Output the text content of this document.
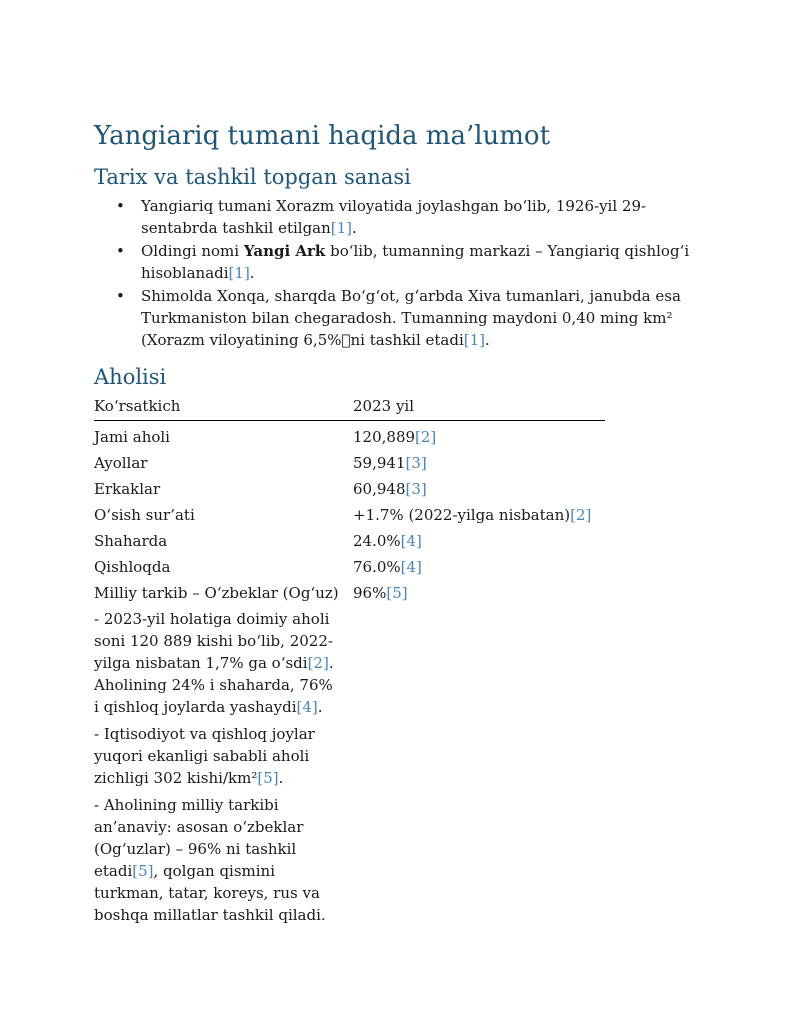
Yangiariq tumani haqida ma’lumot
Tarix va tashkil topgan sanasi
• Yangiariq tumani Xorazm viloyatida joylashgan boʻlib, 1926-yil 29-sentabrda tashkil etilgan[1].
• Oldingi nomi Yangi Ark boʻlib, tumanning markazi – Yangiariq qishlogʻi hisoblanadi[1].
• Shimolda Xonqa, sharqda Boʻgʻot, gʻarbda Xiva tumanlari, janubda esa Turkmaniston bilan chegaradosh. Tumanning maydoni 0,40 ming km² (Xorazm viloyatining 6,5% ni tashkil etadi[1].
Aholisi
Koʻrsatkich	2023 yil
Jami aholi	120,889[2]
Ayollar	59,941[3]
Erkaklar	60,948[3]
Oʻsish sur’ati	+1.7% (2022-yilga nisbatan)[2]
Shaharda	24.0%[4]
Qishloqda	76.0%[4]
Milliy tarkib – Oʻzbeklar (Ogʻuz)	96%[5]

- 2023-yil holatiga doimiy aholi soni 120 889 kishi boʻlib, 2022-yilga nisbatan 1,7% ga oʻsdi[2]. Aholining 24% i shaharda, 76% i qishloq joylarda yashaydi[4].

- Iqtisodiyot va qishloq joylar yuqori ekanligi sababli aholi zichligi 302 kishi/km²[5].

- Aholining milliy tarkibi an’anaviy: asosan oʻzbeklar (Ogʻuzlar) – 96% ni tashkil etadi[5], qolgan qismini turkman, tatar, koreys, rus va boshqa millatlar tashkil qiladi.
